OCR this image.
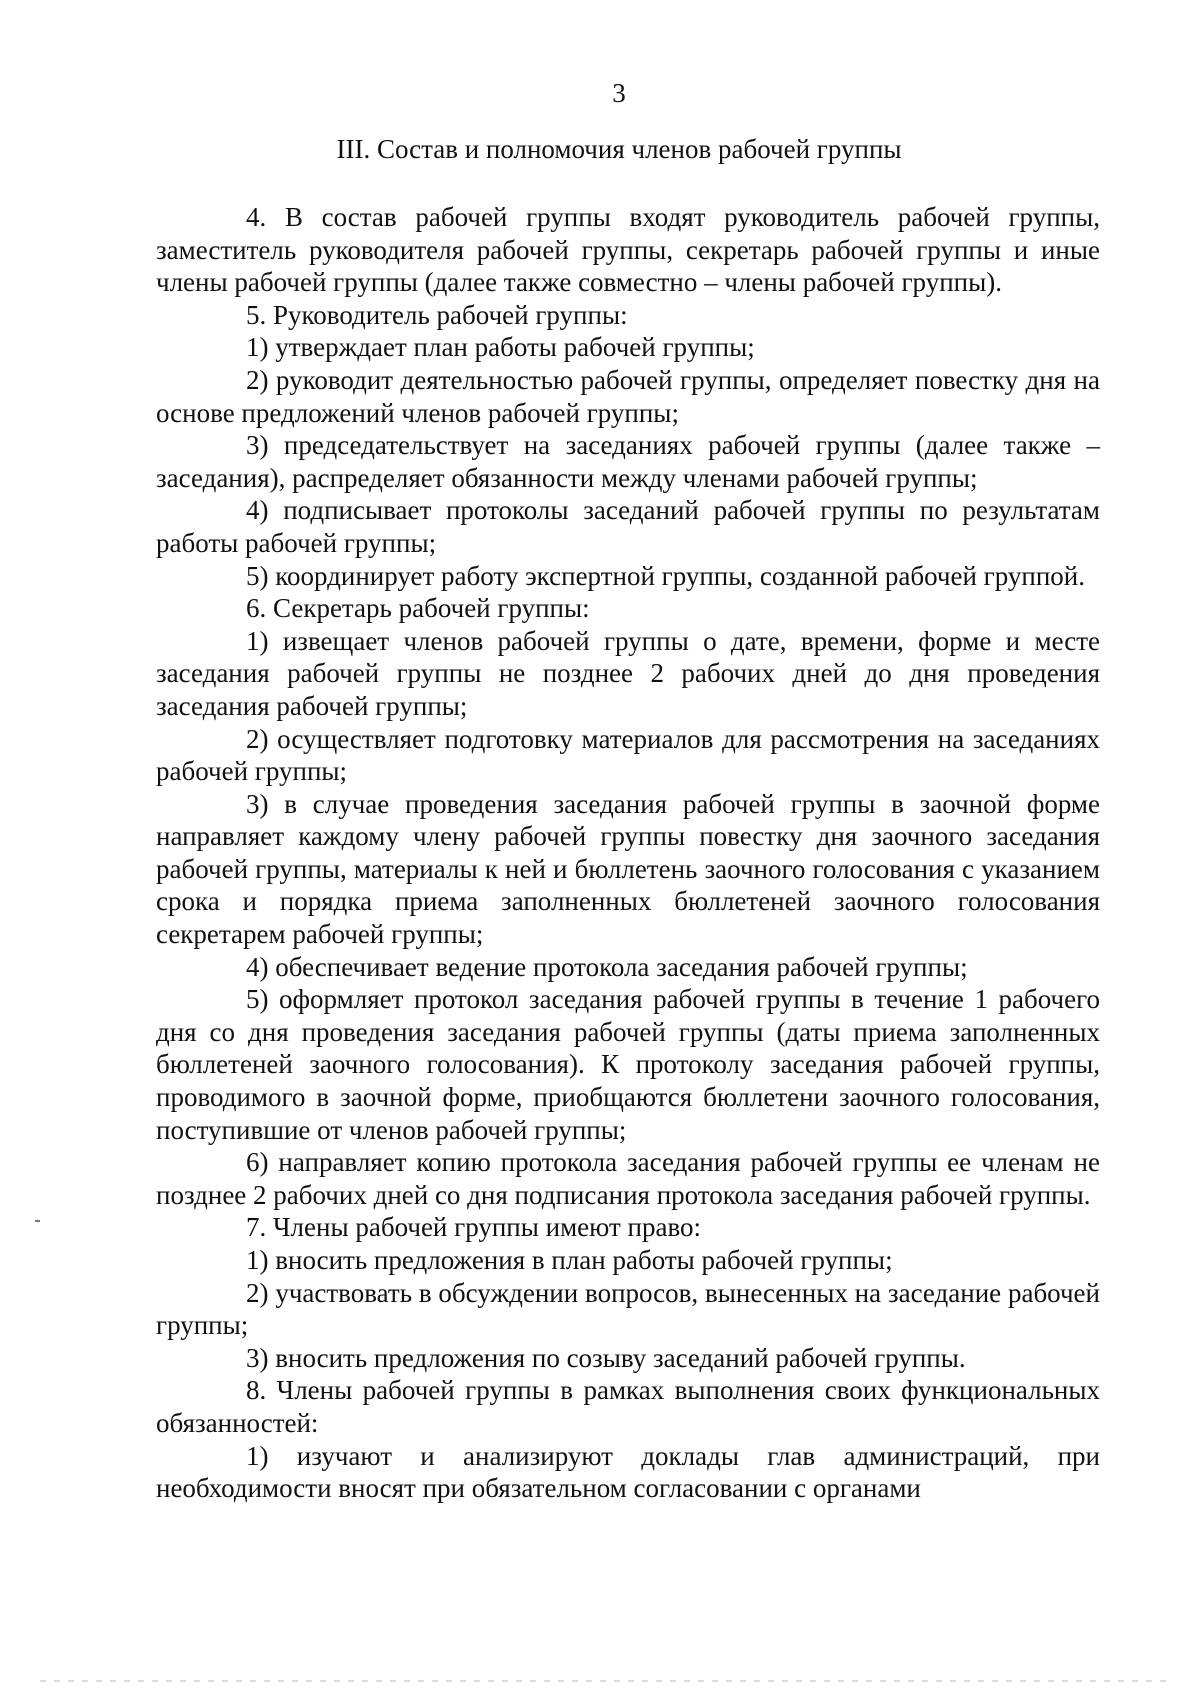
3
III. Состав и полномочия членов рабочей группы

4. В состав рабочей группы входят руководитель рабочей группы, заместитель руководителя рабочей группы, секретарь рабочей группы и иные члены рабочей группы (далее также совместно – члены рабочей группы).

5. Руководитель рабочей группы:

1) утверждает план работы рабочей группы;

2) руководит деятельностью рабочей группы, определяет повестку дня на основе предложений членов рабочей группы;

3) председательствует на заседаниях рабочей группы (далее также – заседания), распределяет обязанности между членами рабочей группы;

4) подписывает протоколы заседаний рабочей группы по результатам работы рабочей группы;

5) координирует работу экспертной группы, созданной рабочей группой.

6. Секретарь рабочей группы:

1) извещает членов рабочей группы о дате, времени, форме и месте заседания рабочей группы не позднее 2 рабочих дней до дня проведения заседания рабочей группы;

2) осуществляет подготовку материалов для рассмотрения на заседаниях рабочей группы;

3) в случае проведения заседания рабочей группы в заочной форме направляет каждому члену рабочей группы повестку дня заочного заседания рабочей группы, материалы к ней и бюллетень заочного голосования с указанием срока и порядка приема заполненных бюллетеней заочного голосования секретарем рабочей группы;

4) обеспечивает ведение протокола заседания рабочей группы;

5) оформляет протокол заседания рабочей группы в течение 1 рабочего дня со дня проведения заседания рабочей группы (даты приема заполненных бюллетеней заочного голосования). К протоколу заседания рабочей группы, проводимого в заочной форме, приобщаются бюллетени заочного голосования, поступившие от членов рабочей группы;

6) направляет копию протокола заседания рабочей группы ее членам не позднее 2 рабочих дней со дня подписания протокола заседания рабочей группы.

7. Члены рабочей группы имеют право:

1) вносить предложения в план работы рабочей группы;

2) участвовать в обсуждении вопросов, вынесенных на заседание рабочей группы;

3) вносить предложения по созыву заседаний рабочей группы.

8. Члены рабочей группы в рамках выполнения своих функциональных обязанностей:

1) изучают и анализируют доклады глав администраций, при необходимости вносят при обязательном согласовании с органами
